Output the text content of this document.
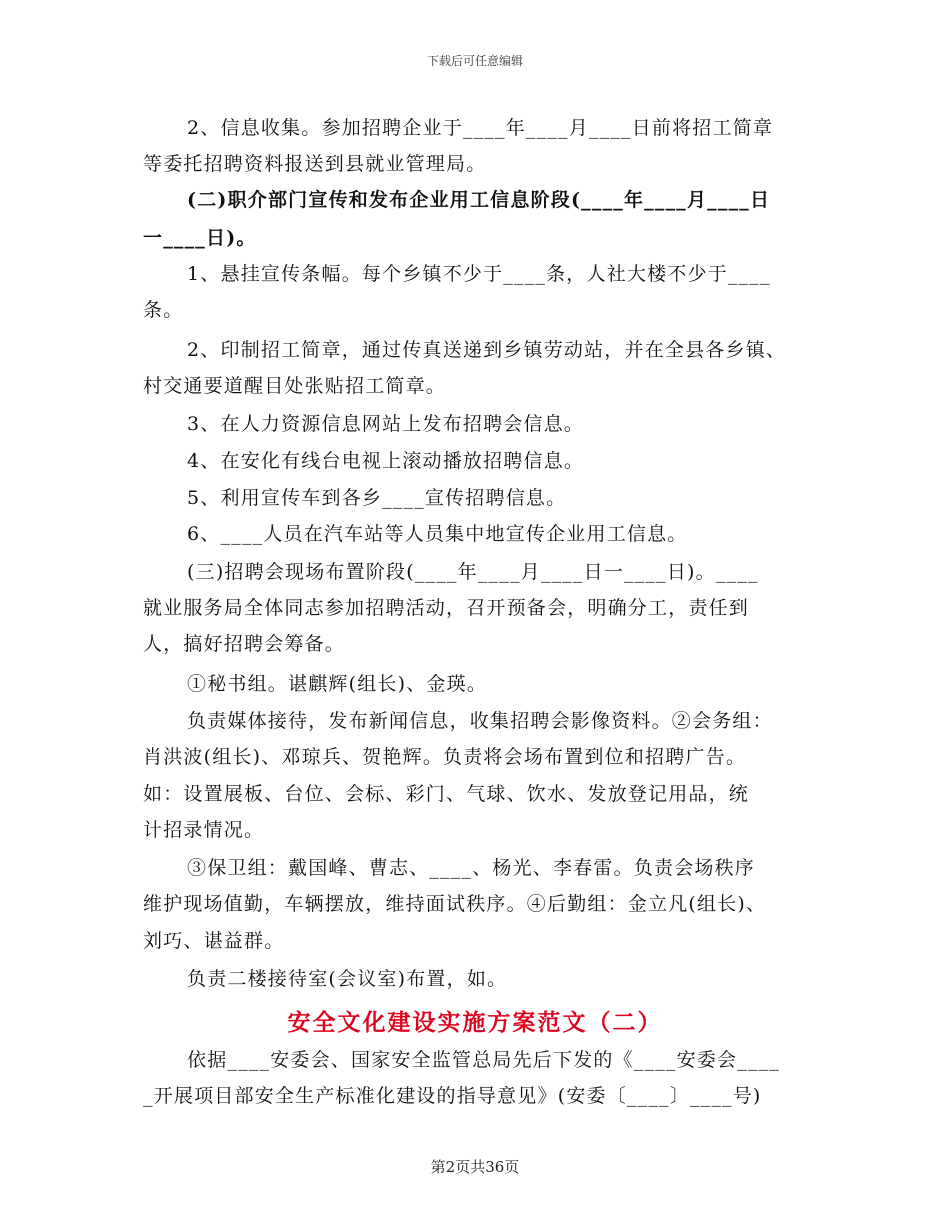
下载后可任意编辑
2、信息收集。参加招聘企业于____年____月____日前将招工简章
等委托招聘资料报送到县就业管理局。
(二)职介部门宣传和发布企业用工信息阶段(____年____月____日
一____日)。
1、悬挂宣传条幅。每个乡镇不少于____条，人社大楼不少于____
条。
2、印制招工简章，通过传真送递到乡镇劳动站，并在全县各乡镇、
村交通要道醒目处张贴招工简章。
3、在人力资源信息网站上发布招聘会信息。
4、在安化有线台电视上滚动播放招聘信息。
5、利用宣传车到各乡____宣传招聘信息。
6、____人员在汽车站等人员集中地宣传企业用工信息。
(三)招聘会现场布置阶段(____年____月____日一____日)。____
就业服务局全体同志参加招聘活动，召开预备会，明确分工，责任到
人，搞好招聘会筹备。
①秘书组。谌麒辉(组长)、金瑛。
负责媒体接待，发布新闻信息，收集招聘会影像资料。②会务组：
肖洪波(组长)、邓琼兵、贺艳辉。负责将会场布置到位和招聘广告。
如：设置展板、台位、会标、彩门、气球、饮水、发放登记用品，统
计招录情况。
③保卫组：戴国峰、曹志、____、杨光、李春雷。负责会场秩序
维护现场值勤，车辆摆放，维持面试秩序。④后勤组：金立凡(组长)、
刘巧、谌益群。
负责二楼接待室(会议室)布置，如。
安全文化建设实施方案范文（二）
依据____安委会、国家安全监管总局先后下发的《____安委会____
_开展项目部安全生产标准化建设的指导意见》(安委〔____〕____号)
第2页共36页
